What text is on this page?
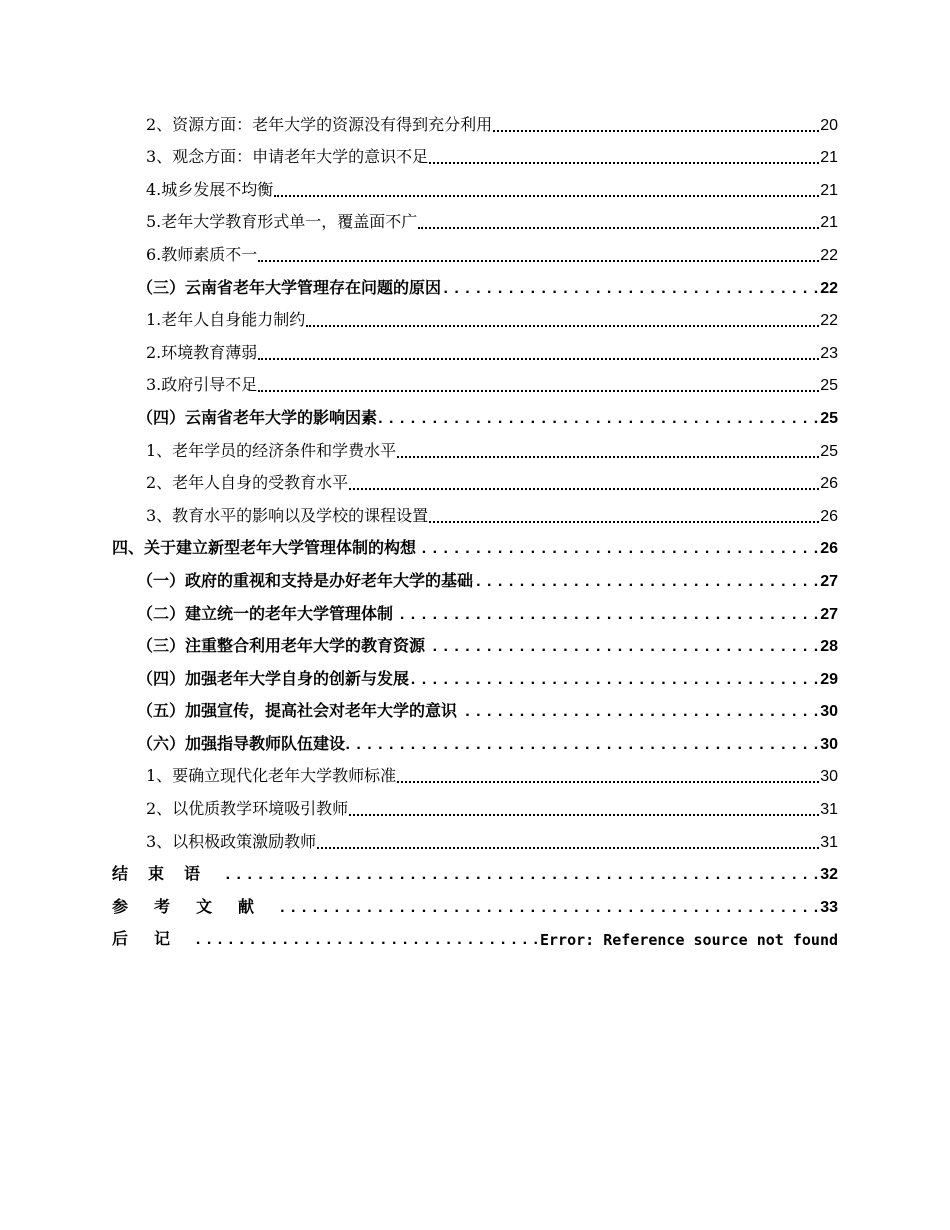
2、资源方面：老年大学的资源没有得到充分利用	20
3、观念方面：申请老年大学的意识不足	21
4.城乡发展不均衡	21
5.老年大学教育形式单一，覆盖面不广	21
6.教师素质不一	22
（三）云南省老年大学管理存在问题的原因 . . .	22
1.老年人自身能力制约	22
2.环境教育薄弱	23
3.政府引导不足	25
（四）云南省老年大学的影响因素 . . .	25
1、老年学员的经济条件和学费水平	25
2、老年人自身的受教育水平	26
3、教育水平的影响以及学校的课程设置	26
四、关于建立新型老年大学管理体制的构想 . . .	26
（一）政府的重视和支持是办好老年大学的基础 . . .	27
（二）建立统一的老年大学管理体制 . . .	27
（三）注重整合利用老年大学的教育资源 . . .	28
（四）加强老年大学自身的创新与发展 . . .	29
（五）加强宣传，提高社会对老年大学的意识 . . .	30
（六）加强指导教师队伍建设 . . .	30
1、要确立现代化老年大学教师标准	30
2、以优质教学环境吸引教师	31
3、以积极政策激励教师	31
结束语 . . .	32
参考文献 . . .	33
后记 . . .	Error: Reference source not found
